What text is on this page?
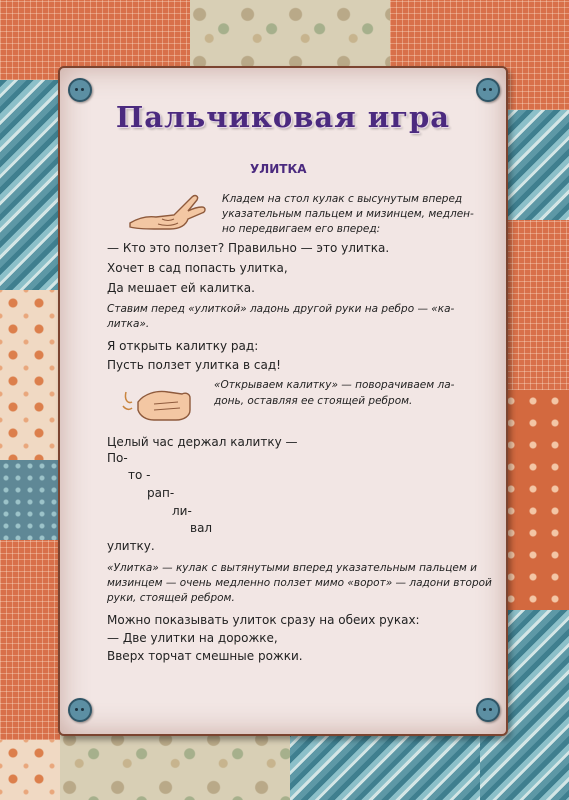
Пальчиковая игра
УЛИТКА
Кладем на стол кулак с высунутым вперед
указательным пальцем и мизинцем, медлен-
но передвигаем его вперед:
— Кто это ползет? Правильно — это улитка.
Хочет в сад попасть улитка,
Да мешает ей калитка.
Ставим перед «улиткой» ладонь другой руки на ребро — «ка-
литка».
Я открыть калитку рад:
Пусть ползет улитка в сад!
«Открываем калитку» — поворачиваем ла-
донь, оставляя ее стоящей ребром.
Целый час держал калитку —
По-
то -
рап-
ли-
вал
улитку.
«Улитка» — кулак с вытянутыми вперед указательным пальцем и
мизинцем — очень медленно ползет мимо «ворот» — ладони второй
руки, стоящей ребром.
Можно показывать улиток сразу на обеих руках:
— Две улитки на дорожке,
Вверх торчат смешные рожки.
